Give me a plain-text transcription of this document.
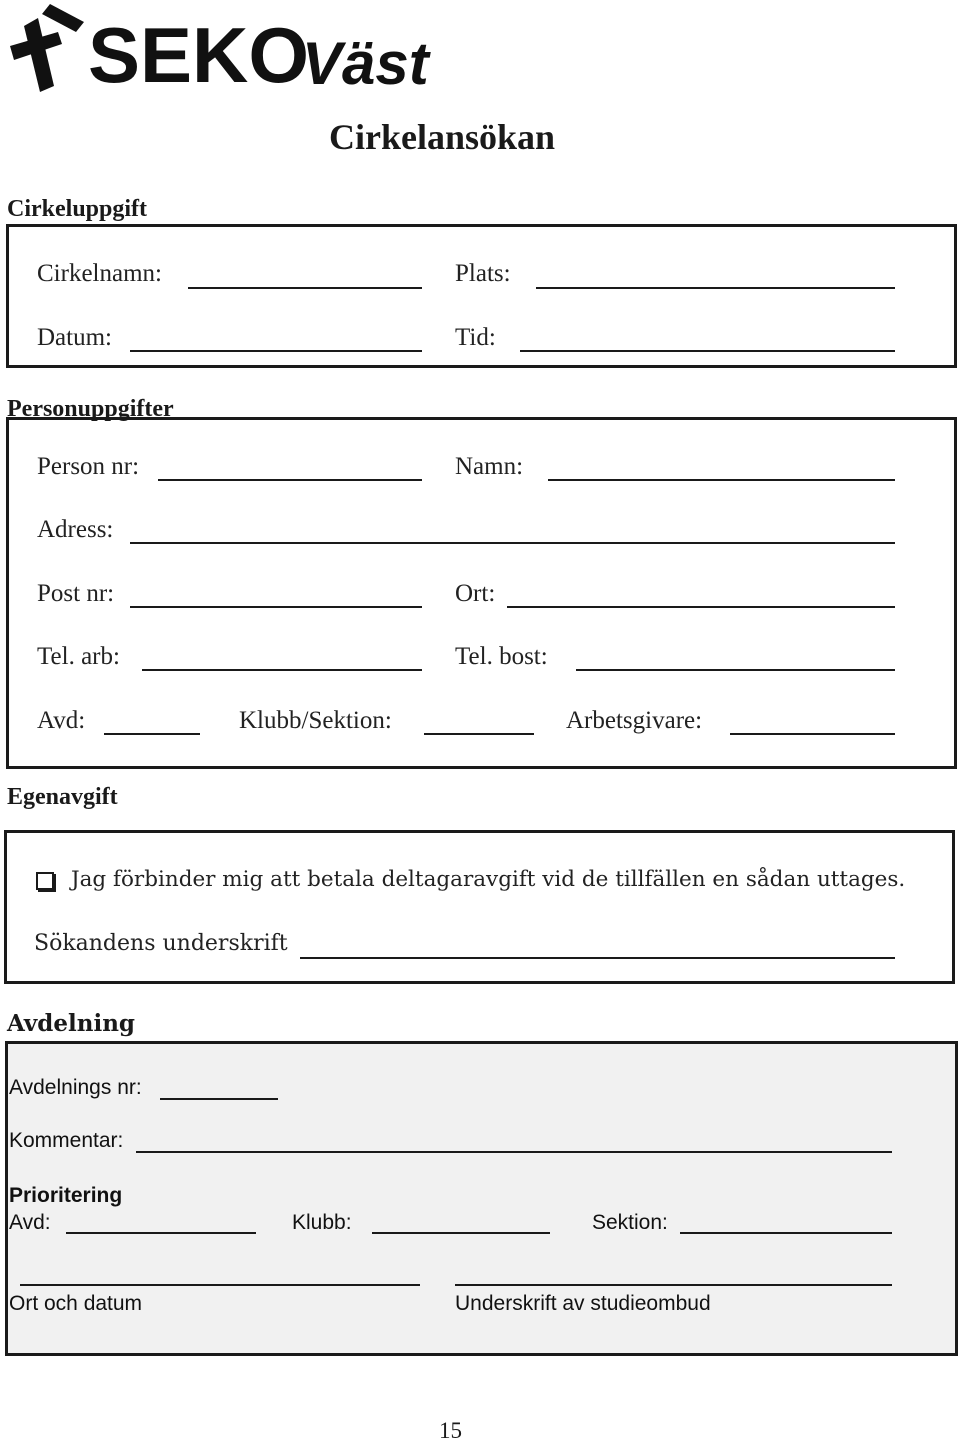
SEKO
Väst
Cirkelansökan
Cirkeluppgift
Cirkelnamn:	Plats:
Datum:	Tid:
Personuppgifter
Person nr:	Namn:
Adress:
Post nr:	Ort:
Tel. arb:	Tel. bost:
Avd:	Klubb/Sektion:	Arbetsgivare:
Egenavgift
Jag förbinder mig att betala deltagaravgift vid de tillfällen en sådan uttages.
Sökandens underskrift
Avdelning
Avdelnings nr:
Kommentar:
Prioritering
Avd:	Klubb:	Sektion:
Ort och datum	Underskrift av studieombud
15
